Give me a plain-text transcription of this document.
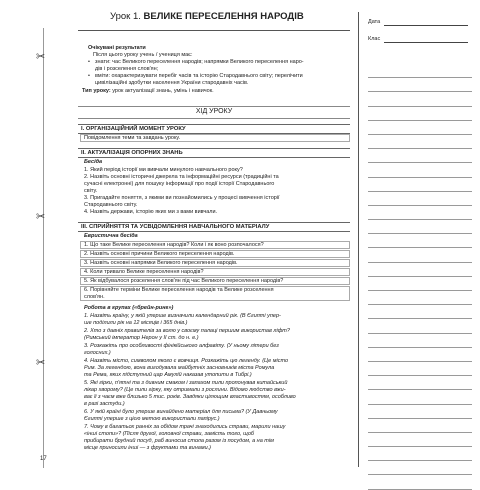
✂
✂
✂
Урок 1. ВЕЛИКЕ ПЕРЕСЕЛЕННЯ НАРОДІВ	Дата
Клас
Очікувані результати
Після цього уроку учень / учениця має:
• знати: час Великого переселення народів; напрямки Великого переселення наро-
дів і розселення слов'ян;
• вміти: охарактеризувати перебіг часів та історію Стародавнього світу; перелічити
цивілізаційні здобутки населення України стародавніх часів.
Тип уроку: урок актуалізації знань, умінь і навичок.
ХІД УРОКУ
І. ОРГАНІЗАЦІЙНИЙ МОМЕНТ УРОКУ
Повідомлення теми та завдань уроку.
ІІ. АКТУАЛІЗАЦІЯ ОПОРНИХ ЗНАНЬ
Бесіда
1. Який період історії ми вивчали минулого навчального року?
2. Назвіть основні історичні джерела та інформаційні ресурси (традиційні та
сучасні електронні) для пошуку інформації про події історії Стародавнього
світу.
3. Пригадайте поняття, з якими ви познайомились у процесі вивчення історії
Стародавнього світу.
4. Назвіть держави, історію яких ми з вами вивчали.
ІІІ. СПРИЙНЯТТЯ ТА УСВІДОМЛЕННЯ НАВЧАЛЬНОГО МАТЕРІАЛУ
Евристична бесіда
1. Що таке Велике переселення народів? Коли і як воно розпочалося?
2. Назвіть основні причини Великого переселення народів.
3. Назвіть основні напрямки Великого переселення народів.
4. Коли тривало Велике переселення народів?
5. Як відбувалося розселення слов'ян під час Великого переселення народів?
6. Порівняйте терміни Велике переселення народів та Велике розселення
слов'ян.
Робота в групах («брейн-ринг»)
1. Назвіть країну, у якій уперше визначили календарний рік. (В Єгипті упер-
ше поділили рік на 12 місяців і 365 днів.)
2. Хто з давніх правителів за волю у своєму палаці першим використав ліфт?
(Римський імператор Нерон у ІІ ст. до н. е.)
3. Розкажіть про особливості фінікійського алфавіту. (У ньому літери без
голосних.)
4. Назвіть місто, символом якого є вовчиця. Розкажіть цю легенду. (Це місто
Рим. За легендою, вона вигодувала майбутніх засновників міста Ромула
та Рема, яких підступний цар Амулій наказав утопити в Тибрі.)
5. Які гірки, п'ятні та з дивним смаком і запахом пили пропонував китайський
лікар хворому? (Це пили гірку, яку отримали з рослини. Відомо людство вжи-
ває її з чаєм вже близько 5 тис. років. Завдяки цілющим властивостям, особливо
в разі застуди.)
6. У якій країні було уперше винайдено матеріал для письма? (У Давньому
Єгипті уперше з цією метою використали папірус.)
7. Чому в багатьох ранніх за обідом трачі знаходились страви, марили нашу
«інші стопи»? (Після другої, головної страви, замість того, щоб
прибирати брудний посуд, раб виносив стола разом із посудом, а на тім
місце приносили інші — з фруктами та винами.)
17
